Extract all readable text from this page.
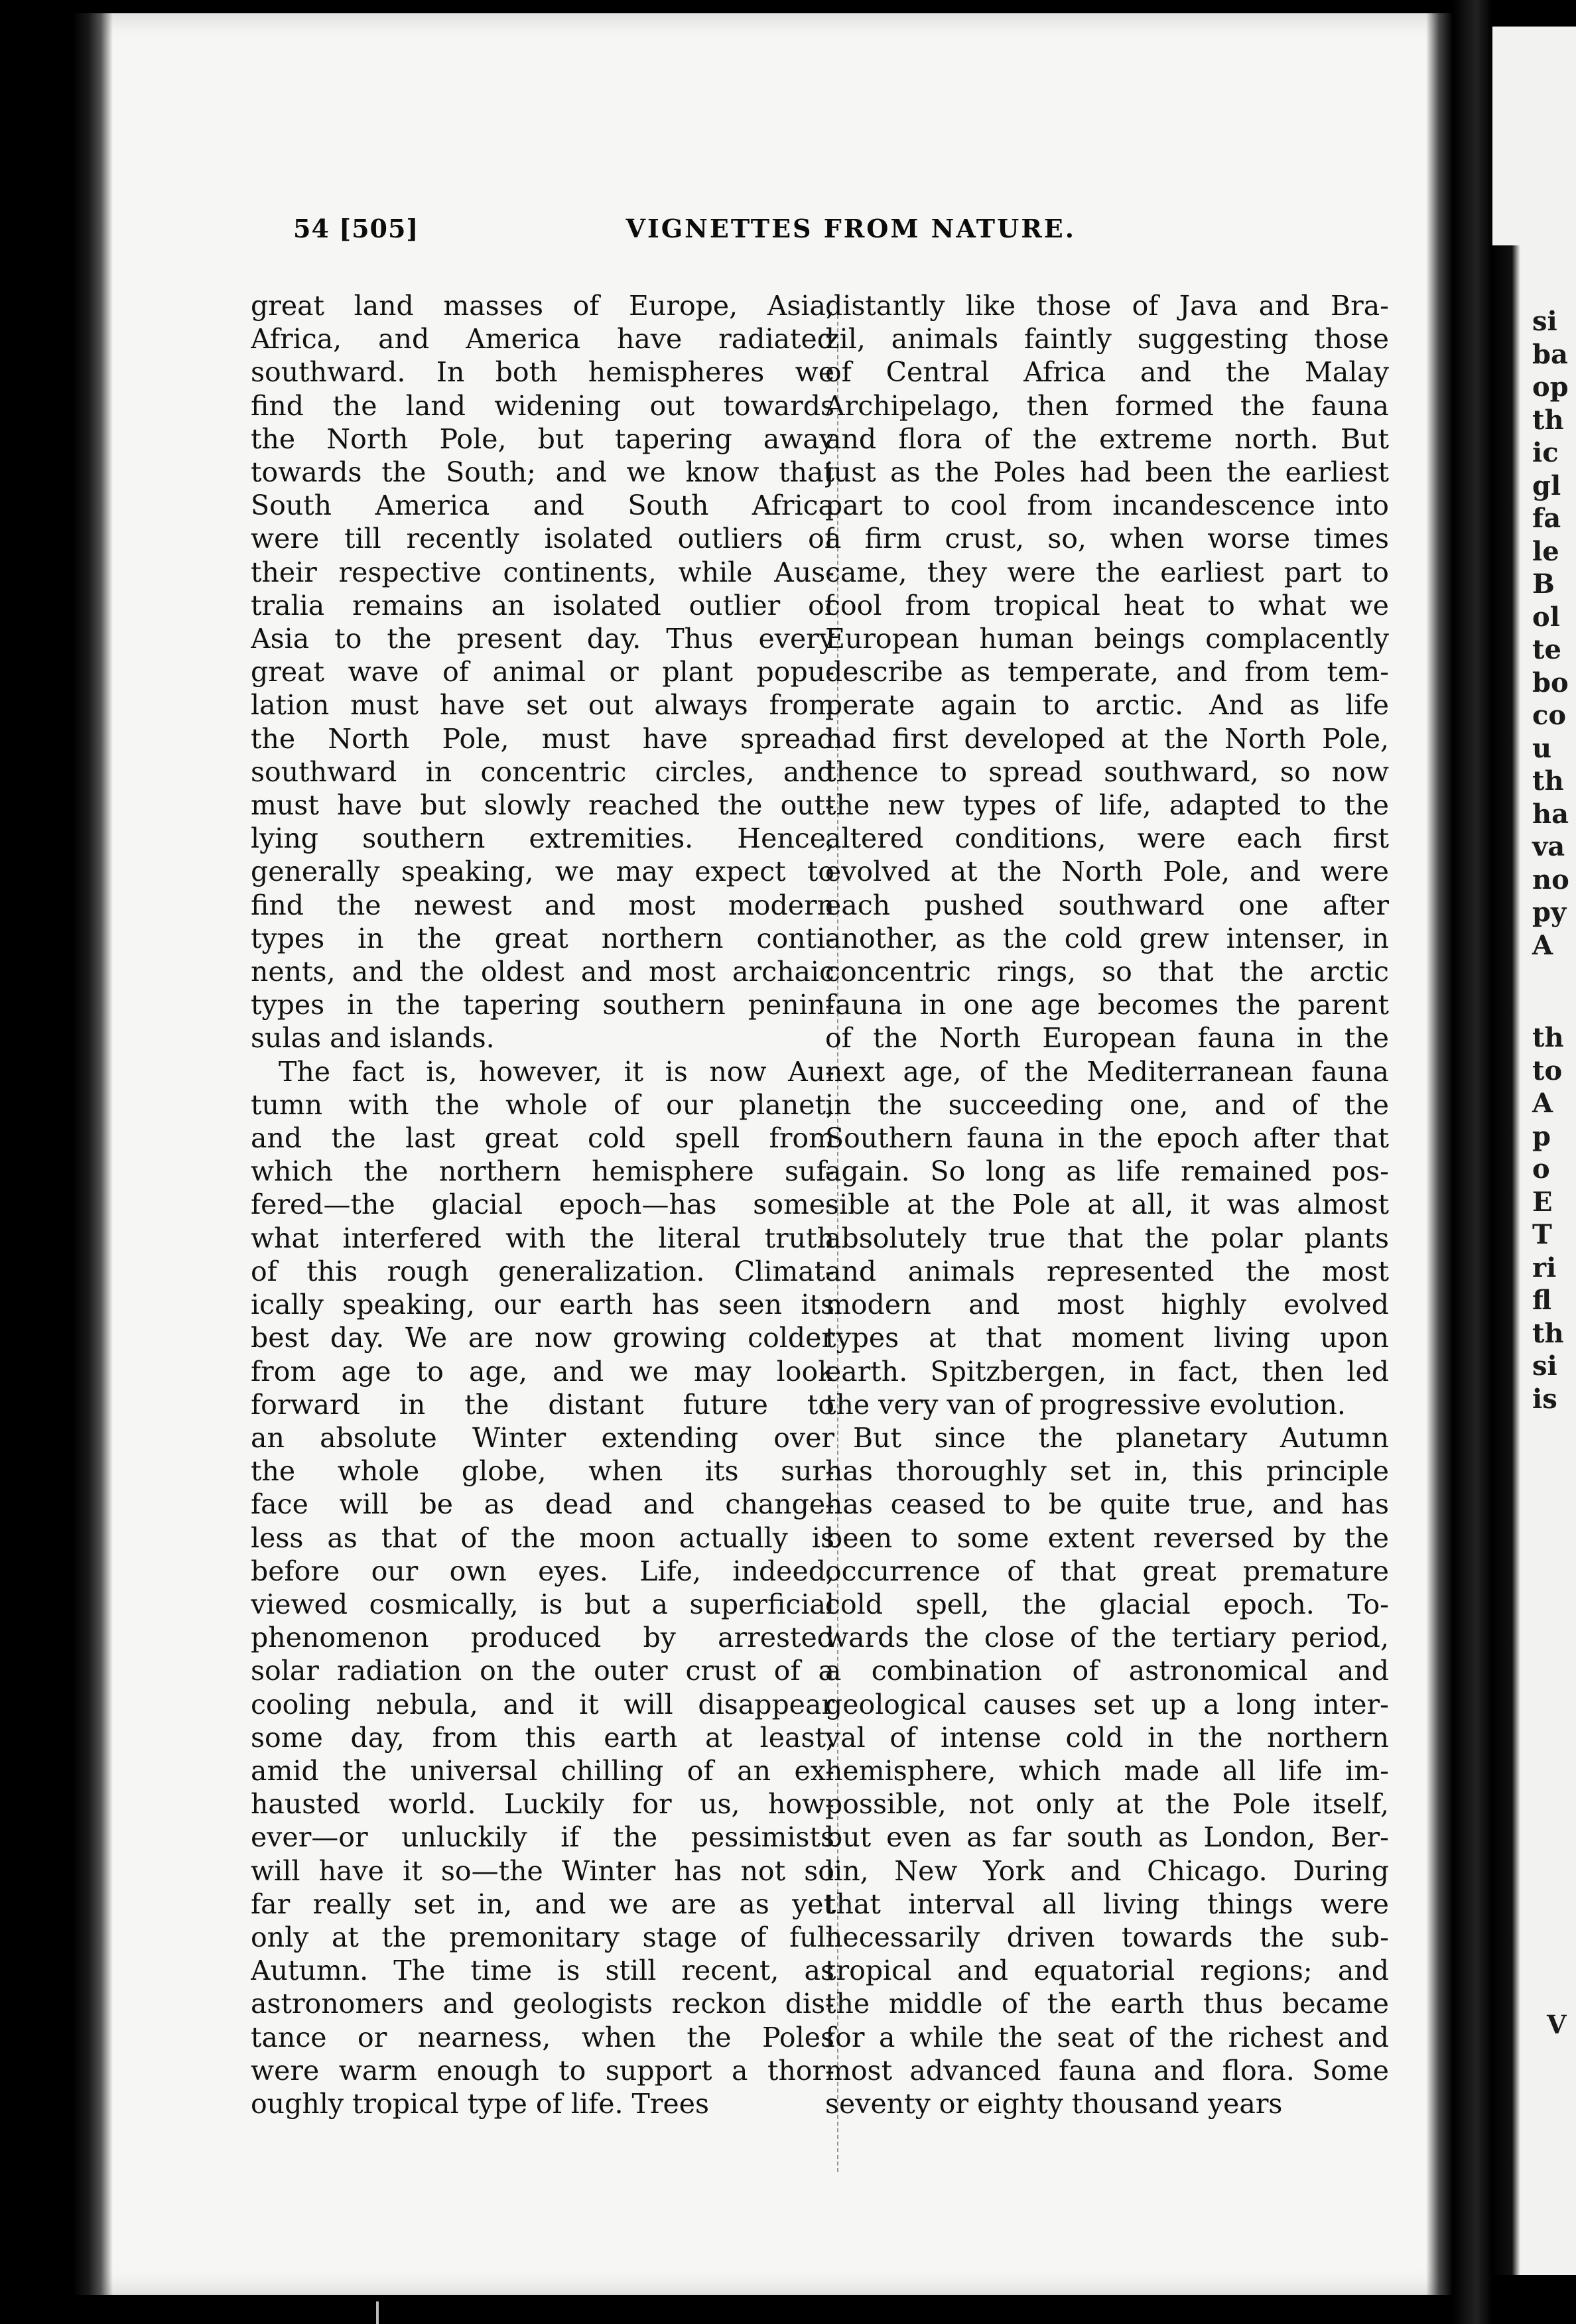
si
ba
op
th
ic
gl
fa
le
B
ol
te
bo
co
u
th
ha
va
no
py
A
th
to
A
p
o
E
T
ri
fl
th
si
is
V
54 [505]	VIGNETTES FROM NATURE.
great land masses of Europe, Asia,
Africa, and America have radiated
southward. In both hemispheres we
find the land widening out towards
the North Pole, but tapering away
towards the South; and we know that
South America and South Africa
were till recently isolated outliers of
their respective continents, while Aus-
tralia remains an isolated outlier of
Asia to the present day. Thus every
great wave of animal or plant popu-
lation must have set out always from
the North Pole, must have spread
southward in concentric circles, and
must have but slowly reached the out-
lying southern extremities. Hence,
generally speaking, we may expect to
find the newest and most modern
types in the great northern conti-
nents, and the oldest and most archaic
types in the tapering southern penin-
sulas and islands.
The fact is, however, it is now Au-
tumn with the whole of our planet,
and the last great cold spell from
which the northern hemisphere suf-
fered—the glacial epoch—has some-
what interfered with the literal truth
of this rough generalization. Climat-
ically speaking, our earth has seen its
best day. We are now growing colder
from age to age, and we may look
forward in the distant future to
an absolute Winter extending over
the whole globe, when its sur-
face will be as dead and change-
less as that of the moon actually is
before our own eyes. Life, indeed,
viewed cosmically, is but a superficial
phenomenon produced by arrested
solar radiation on the outer crust of a
cooling nebula, and it will disappear
some day, from this earth at least,
amid the universal chilling of an ex-
hausted world. Luckily for us, how-
ever—or unluckily if the pessimists
will have it so—the Winter has not so
far really set in, and we are as yet
only at the premonitary stage of full
Autumn. The time is still recent, as
astronomers and geologists reckon dis-
tance or nearness, when the Poles
were warm enough to support a thor-
oughly tropical type of life. Trees
distantly like those of Java and Bra-
zil, animals faintly suggesting those
of Central Africa and the Malay
Archipelago, then formed the fauna
and flora of the extreme north. But
just as the Poles had been the earliest
part to cool from incandescence into
a firm crust, so, when worse times
came, they were the earliest part to
cool from tropical heat to what we
European human beings complacently
describe as temperate, and from tem-
perate again to arctic. And as life
had first developed at the North Pole,
thence to spread southward, so now
the new types of life, adapted to the
altered conditions, were each first
evolved at the North Pole, and were
each pushed southward one after
another, as the cold grew intenser, in
concentric rings, so that the arctic
fauna in one age becomes the parent
of the North European fauna in the
next age, of the Mediterranean fauna
in the succeeding one, and of the
Southern fauna in the epoch after that
again. So long as life remained pos-
sible at the Pole at all, it was almost
absolutely true that the polar plants
and animals represented the most
modern and most highly evolved
types at that moment living upon
earth. Spitzbergen, in fact, then led
the very van of progressive evolution.
But since the planetary Autumn
has thoroughly set in, this principle
has ceased to be quite true, and has
been to some extent reversed by the
occurrence of that great premature
cold spell, the glacial epoch. To-
wards the close of the tertiary period,
a combination of astronomical and
geological causes set up a long inter-
val of intense cold in the northern
hemisphere, which made all life im-
possible, not only at the Pole itself,
but even as far south as London, Ber-
lin, New York and Chicago. During
that interval all living things were
necessarily driven towards the sub-
tropical and equatorial regions; and
the middle of the earth thus became
for a while the seat of the richest and
most advanced fauna and flora. Some
seventy or eighty thousand years
